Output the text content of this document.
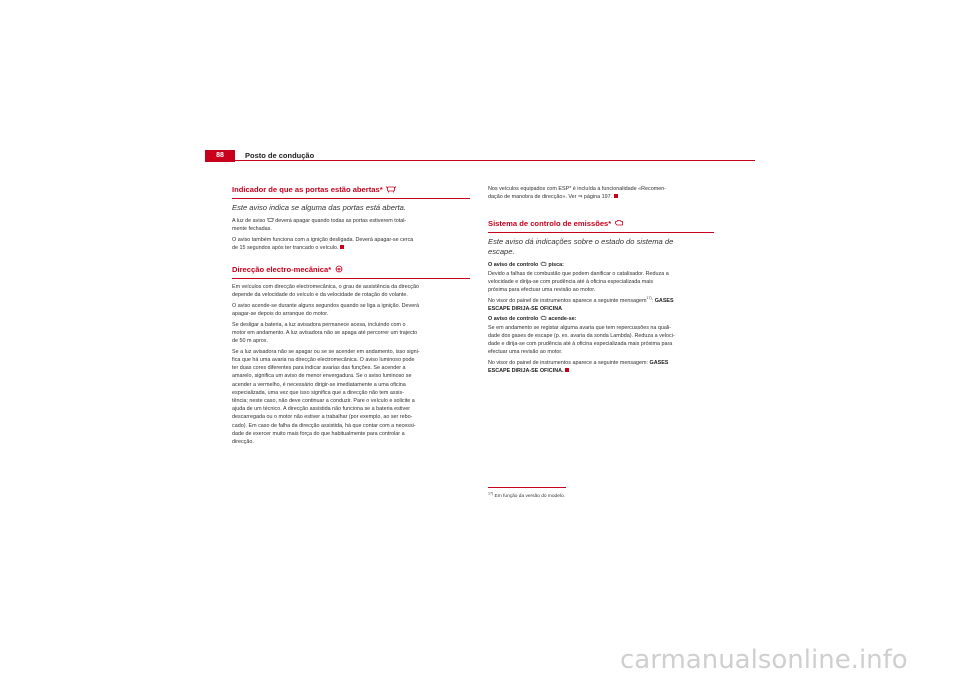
88	Posto de condução
Indicador de que as portas estão abertas*

Este aviso indica se alguma das portas está aberta.

A luz de aviso  deverá apagar quando todas as portas estiverem total-
mente fechadas.

O aviso também funciona com a ignição desligada. Deverá apagar-se cerca
de 15 segundos após ter trancado o veículo.

Direcção electro-mecânica*

Em veículos com direcção electromecânica, o grau de assistência da direcção
depende da velocidade do veículo e da velocidade de rotação do volante.

O aviso acende-se durante alguns segundos quando se liga a ignição. Deverá
apagar-se depois do arranque do motor.

Se desligar a bateria, a luz avisadora permanece acesa, incluindo com o
motor em andamento. A luz avisadora não se apaga até percorrer um trajecto
de 50 m aprox.

Se a luz avisadora não se apagar ou se se acender em andamento, isso signi-
fica que há uma avaria na direcção electromecânica. O aviso luminoso pode
ter duas cores diferentes para indicar avarias das funções. Se acender a
amarelo, significa um aviso de menor envergadura. Se o aviso luminoso se
acender a vermelho, é necessário dirigir-se imediatamente a uma oficina
especializada, uma vez que isso significa que a direcção não tem assis-
tência; neste caso, não deve continuar a conduzir. Pare o veículo e solicite a
ajuda de um técnico. A direcção assistida não funciona se a bateria estiver
descarregada ou o motor não estiver a trabalhar (por exemplo, ao ser rebo-
cado). Em caso de falha da direcção assistida, há que contar com a necessi-
dade de exercer muito mais força do que habitualmente para controlar a
direcção.

Nos veículos equipados com ESP* é incluída a funcionalidade «Recomen-
dação de manobra de direcção». Ver ⇒ página 197.

Sistema de controlo de emissões*

Este aviso dá indicações sobre o estado do sistema de
escape.

O aviso de controlo  pisca:
Devido a falhas de combustão que podem danificar o catalisador. Reduza a
velocidade e dirija-se com prudência até à oficina especializada mais
próxima para efectuar uma revisão ao motor.

No visor do painel de instrumentos aparece a seguinte mensagem$^{17)}$: GASES
ESCAPE DIRIJA-SE OFICINA

O aviso de controlo  acende-se:
Se em andamento se registar alguma avaria que tem repercussões na quali-
dade dos gases de escape (p. ex. avaria da sonda Lambda). Reduza a veloci-
dade e dirija-se com prudência até à oficina especializada mais próxima para
efectuar uma revisão ao motor.

No visor do painel de instrumentos aparece a seguinte mensagem: GASES
ESCAPE DIRIJA-SE OFICINA.

$^{17)}$ Em função da versão do modelo.
carmanualsonline.info
